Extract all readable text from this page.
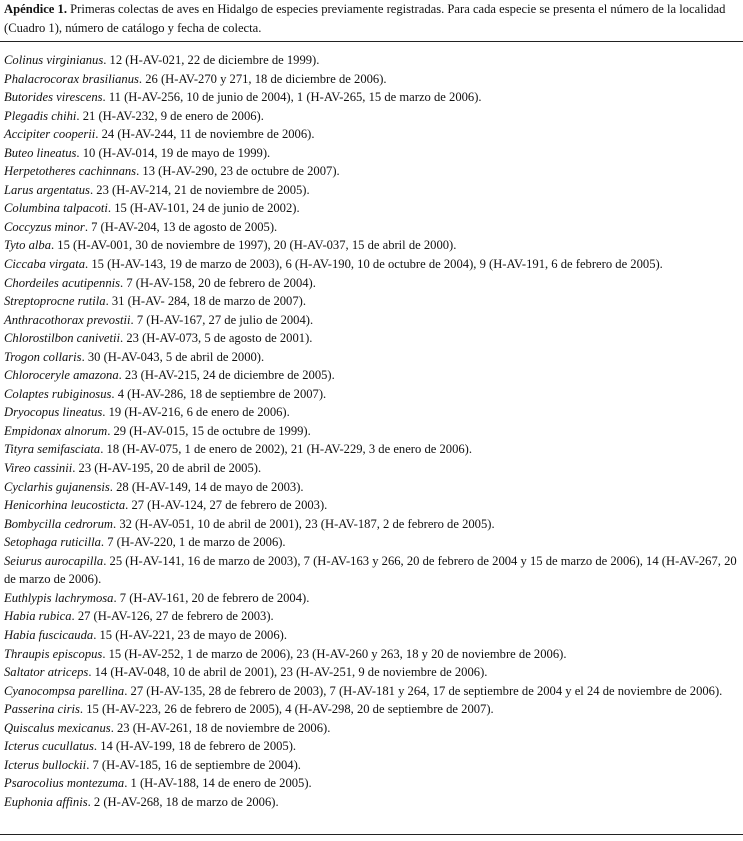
Apéndice 1. Primeras colectas de aves en Hidalgo de especies previamente registradas. Para cada especie se presenta el número de la localidad (Cuadro 1), número de catálogo y fecha de colecta.

Colinus virginianus. 12 (H-AV-021, 22 de diciembre de 1999).
Phalacrocorax brasilianus. 26 (H-AV-270 y 271, 18 de diciembre de 2006).
Butorides virescens. 11 (H-AV-256, 10 de junio de 2004), 1 (H-AV-265, 15 de marzo de 2006).
Plegadis chihi. 21 (H-AV-232, 9 de enero de 2006).
Accipiter cooperii. 24 (H-AV-244, 11 de noviembre de 2006).
Buteo lineatus. 10 (H-AV-014, 19 de mayo de 1999).
Herpetotheres cachinnans. 13 (H-AV-290, 23 de octubre de 2007).
Larus argentatus. 23 (H-AV-214, 21 de noviembre de 2005).
Columbina talpacoti. 15 (H-AV-101, 24 de junio de 2002).
Coccyzus minor. 7 (H-AV-204, 13 de agosto de 2005).
Tyto alba. 15 (H-AV-001, 30 de noviembre de 1997), 20 (H-AV-037, 15 de abril de 2000).
Ciccaba virgata. 15 (H-AV-143, 19 de marzo de 2003), 6 (H-AV-190, 10 de octubre de 2004), 9 (H-AV-191, 6 de febrero de 2005).
Chordeiles acutipennis. 7 (H-AV-158, 20 de febrero de 2004).
Streptoprocne rutila. 31 (H-AV- 284, 18 de marzo de 2007).
Anthracothorax prevostii. 7 (H-AV-167, 27 de julio de 2004).
Chlorostilbon canivetii. 23 (H-AV-073, 5 de agosto de 2001).
Trogon collaris. 30 (H-AV-043, 5 de abril de 2000).
Chloroceryle amazona. 23 (H-AV-215, 24 de diciembre de 2005).
Colaptes rubiginosus. 4 (H-AV-286, 18 de septiembre de 2007).
Dryocopus lineatus. 19 (H-AV-216, 6 de enero de 2006).
Empidonax alnorum. 29 (H-AV-015, 15 de octubre de 1999).
Tityra semifasciata. 18 (H-AV-075, 1 de enero de 2002), 21 (H-AV-229, 3 de enero de 2006).
Vireo cassinii. 23 (H-AV-195, 20 de abril de 2005).
Cyclarhis gujanensis. 28 (H-AV-149, 14 de mayo de 2003).
Henicorhina leucosticta. 27 (H-AV-124, 27 de febrero de 2003).
Bombycilla cedrorum. 32 (H-AV-051, 10 de abril de 2001), 23 (H-AV-187, 2 de febrero de 2005).
Setophaga ruticilla. 7 (H-AV-220, 1 de marzo de 2006).
Seiurus aurocapilla. 25 (H-AV-141, 16 de marzo de 2003), 7 (H-AV-163 y 266, 20 de febrero de 2004 y 15 de marzo de 2006), 14 (H-AV-267, 20 de marzo de 2006).
Euthlypis lachrymosa. 7 (H-AV-161, 20 de febrero de 2004).
Habia rubica. 27 (H-AV-126, 27 de febrero de 2003).
Habia fuscicauda. 15 (H-AV-221, 23 de mayo de 2006).
Thraupis episcopus. 15 (H-AV-252, 1 de marzo de 2006), 23 (H-AV-260 y 263, 18 y 20 de noviembre de 2006).
Saltator atriceps. 14 (H-AV-048, 10 de abril de 2001), 23 (H-AV-251, 9 de noviembre de 2006).
Cyanocompsa parellina. 27 (H-AV-135, 28 de febrero de 2003), 7 (H-AV-181 y 264, 17 de septiembre de 2004 y el 24 de noviembre de 2006).
Passerina ciris. 15 (H-AV-223, 26 de febrero de 2005), 4 (H-AV-298, 20 de septiembre de 2007).
Quiscalus mexicanus. 23 (H-AV-261, 18 de noviembre de 2006).
Icterus cucullatus. 14 (H-AV-199, 18 de febrero de 2005).
Icterus bullockii. 7 (H-AV-185, 16 de septiembre de 2004).
Psarocolius montezuma. 1 (H-AV-188, 14 de enero de 2005).
Euphonia affinis. 2 (H-AV-268, 18 de marzo de 2006).
